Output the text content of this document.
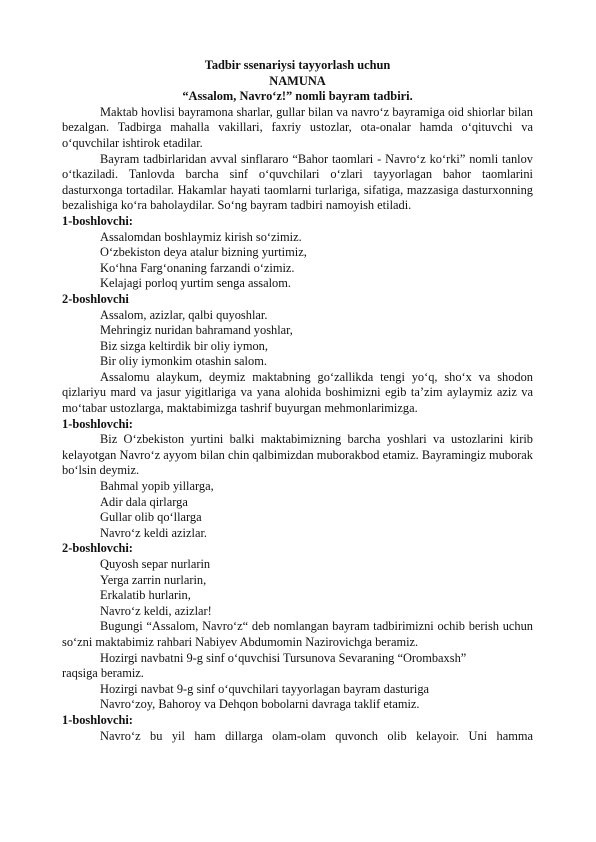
Tadbir ssenariysi tayyorlash uchun
NAMUNA
“Assalom, Navro‘z!” nomli bayram tadbiri.

Maktab hovlisi bayramona sharlar, gullar bilan va navro‘z bayramiga oid shiorlar bilan bezalgan. Tadbirga mahalla vakillari, faxriy ustozlar, ota-onalar hamda o‘qituvchi va o‘quvchilar ishtirok etadilar.

Bayram tadbirlaridan avval sinflararo “Bahor taomlari - Navro‘z ko‘rki” nomli tanlov o‘tkaziladi. Tanlovda barcha sinf o‘quvchilari o‘zlari tayyorlagan bahor taomlarini dasturxonga tortadilar. Hakamlar hayati taomlarni turlariga, sifatiga, mazzasiga dasturxonning bezalishiga ko‘ra baholaydilar. So‘ng bayram tadbiri namoyish etiladi.

1-boshlovchi:

Assalomdan boshlaymiz kirish so‘zimiz.

O‘zbekiston deya atalur bizning yurtimiz,

Ko‘hna Farg‘onaning farzandi o‘zimiz.

Kelajagi porloq yurtim senga assalom.

2-boshlovchi

Assalom, azizlar, qalbi quyoshlar.

Mehringiz nuridan bahramand yoshlar,

Biz sizga keltirdik bir oliy iymon,

Bir oliy iymonkim otashin salom.

Assalomu alaykum, deymiz maktabning go‘zallikda tengi yo‘q, sho‘x va shodon qizlariyu mard va jasur yigitlariga va yana alohida boshimizni egib ta’zim aylaymiz aziz va mo‘tabar ustozlarga, maktabimizga tashrif buyurgan mehmonlarimizga.

1-boshlovchi:

Biz O‘zbekiston yurtini balki maktabimizning barcha yoshlari va ustozlarini kirib kelayotgan Navro‘z ayyom bilan chin qalbimizdan muborakbod etamiz. Bayramingiz muborak bo‘lsin deymiz.

Bahmal yopib yillarga,

Adir dala qirlarga

Gullar olib qo‘llarga

Navro‘z keldi azizlar.

2-boshlovchi:

Quyosh separ nurlarin

Yerga zarrin nurlarin,

Erkalatib hurlarin,

Navro‘z keldi, azizlar!

Bugungi “Assalom, Navro‘z“ deb nomlangan bayram tadbirimizni ochib berish uchun so‘zni maktabimiz rahbari Nabiyev Abdumomin Nazirovichga beramiz.

Hozirgi navbatni 9-g sinf o‘quvchisi Tursunova Sevaraning “Orombaxsh”

raqsiga beramiz.

Hozirgi navbat 9-g sinf o‘quvchilari tayyorlagan bayram dasturiga

Navro‘zoy, Bahoroy va Dehqon bobolarni davraga taklif etamiz.

1-boshlovchi:

Navro‘z bu yil ham dillarga olam-olam quvonch olib kelayoir. Uni hamma
